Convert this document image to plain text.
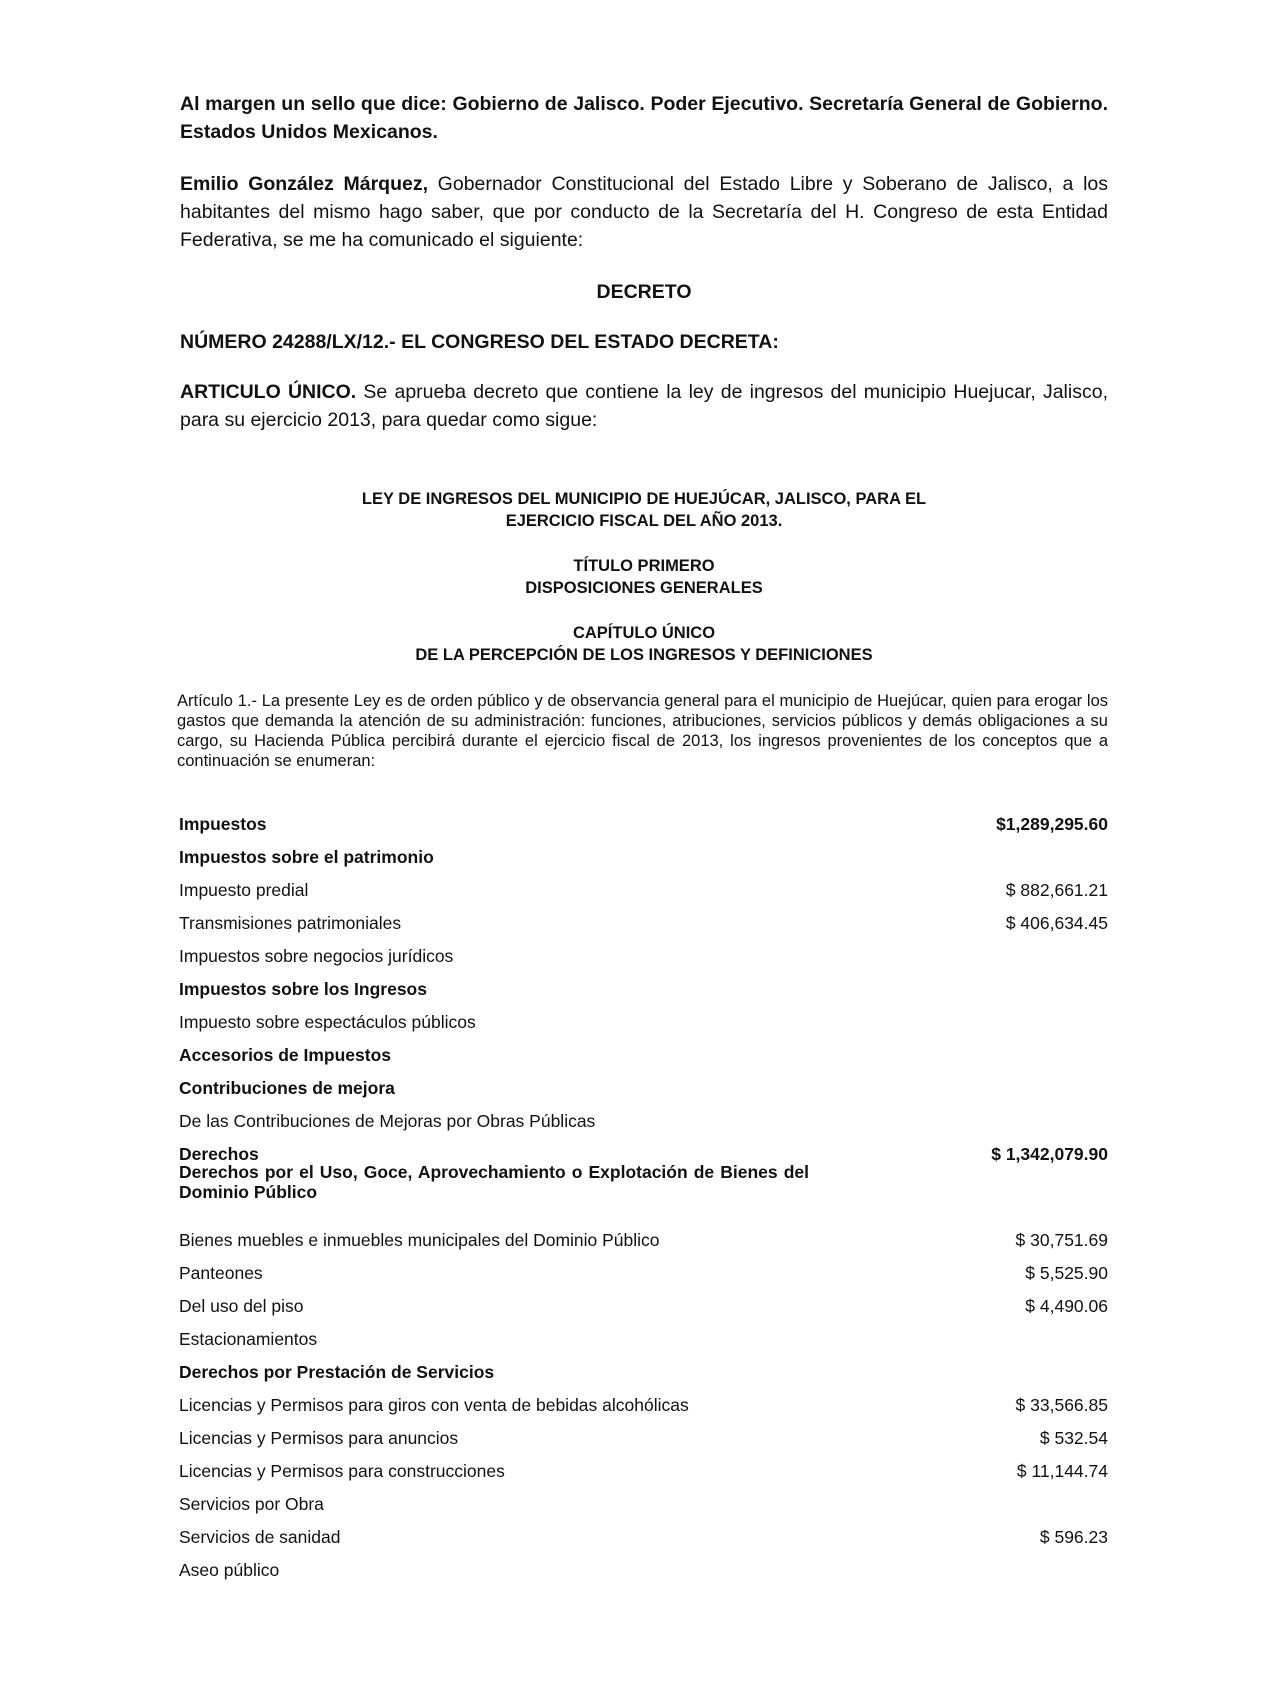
Al margen un sello que dice: Gobierno de Jalisco. Poder Ejecutivo. Secretaría General de Gobierno. Estados Unidos Mexicanos.
Emilio González Márquez, Gobernador Constitucional del Estado Libre y Soberano de Jalisco, a los habitantes del mismo hago saber, que por conducto de la Secretaría del H. Congreso de esta Entidad Federativa, se me ha comunicado el siguiente:
DECRETO
NÚMERO 24288/LX/12.- EL CONGRESO DEL ESTADO DECRETA:
ARTICULO ÚNICO. Se aprueba decreto que contiene la ley de ingresos del municipio Huejucar, Jalisco, para su ejercicio 2013, para quedar como sigue:
LEY DE INGRESOS DEL MUNICIPIO DE HUEJÚCAR, JALISCO, PARA EL
EJERCICIO FISCAL DEL AÑO 2013.
TÍTULO PRIMERO
DISPOSICIONES GENERALES
CAPÍTULO ÚNICO
DE LA PERCEPCIÓN DE LOS INGRESOS Y DEFINICIONES
Artículo 1.- La presente Ley es de orden público y de observancia general para el municipio de Huejúcar, quien para erogar los gastos que demanda la atención de su administración: funciones, atribuciones, servicios públicos y demás obligaciones a su cargo, su Hacienda Pública percibirá durante el ejercicio fiscal de 2013, los ingresos provenientes de los conceptos que a continuación se enumeran:
Impuestos	$1,289,295.60
Impuestos sobre el patrimonio
Impuesto predial	$ 882,661.21
Transmisiones patrimoniales	$ 406,634.45
Impuestos sobre negocios jurídicos
Impuestos sobre los Ingresos
Impuesto sobre espectáculos públicos
Accesorios de Impuestos
Contribuciones de mejora
De las Contribuciones de Mejoras por Obras Públicas
Derechos	$ 1,342,079.90
Derechos por el Uso, Goce, Aprovechamiento o Explotación de Bienes del Dominio Público
Bienes muebles e inmuebles municipales del Dominio Público	$ 30,751.69
Panteones	$ 5,525.90
Del uso del piso	$ 4,490.06
Estacionamientos
Derechos por Prestación de Servicios
Licencias y Permisos para giros con venta de bebidas alcohólicas	$ 33,566.85
Licencias y Permisos para anuncios	$ 532.54
Licencias y Permisos para construcciones	$ 11,144.74
Servicios por Obra
Servicios de sanidad	$ 596.23
Aseo público
